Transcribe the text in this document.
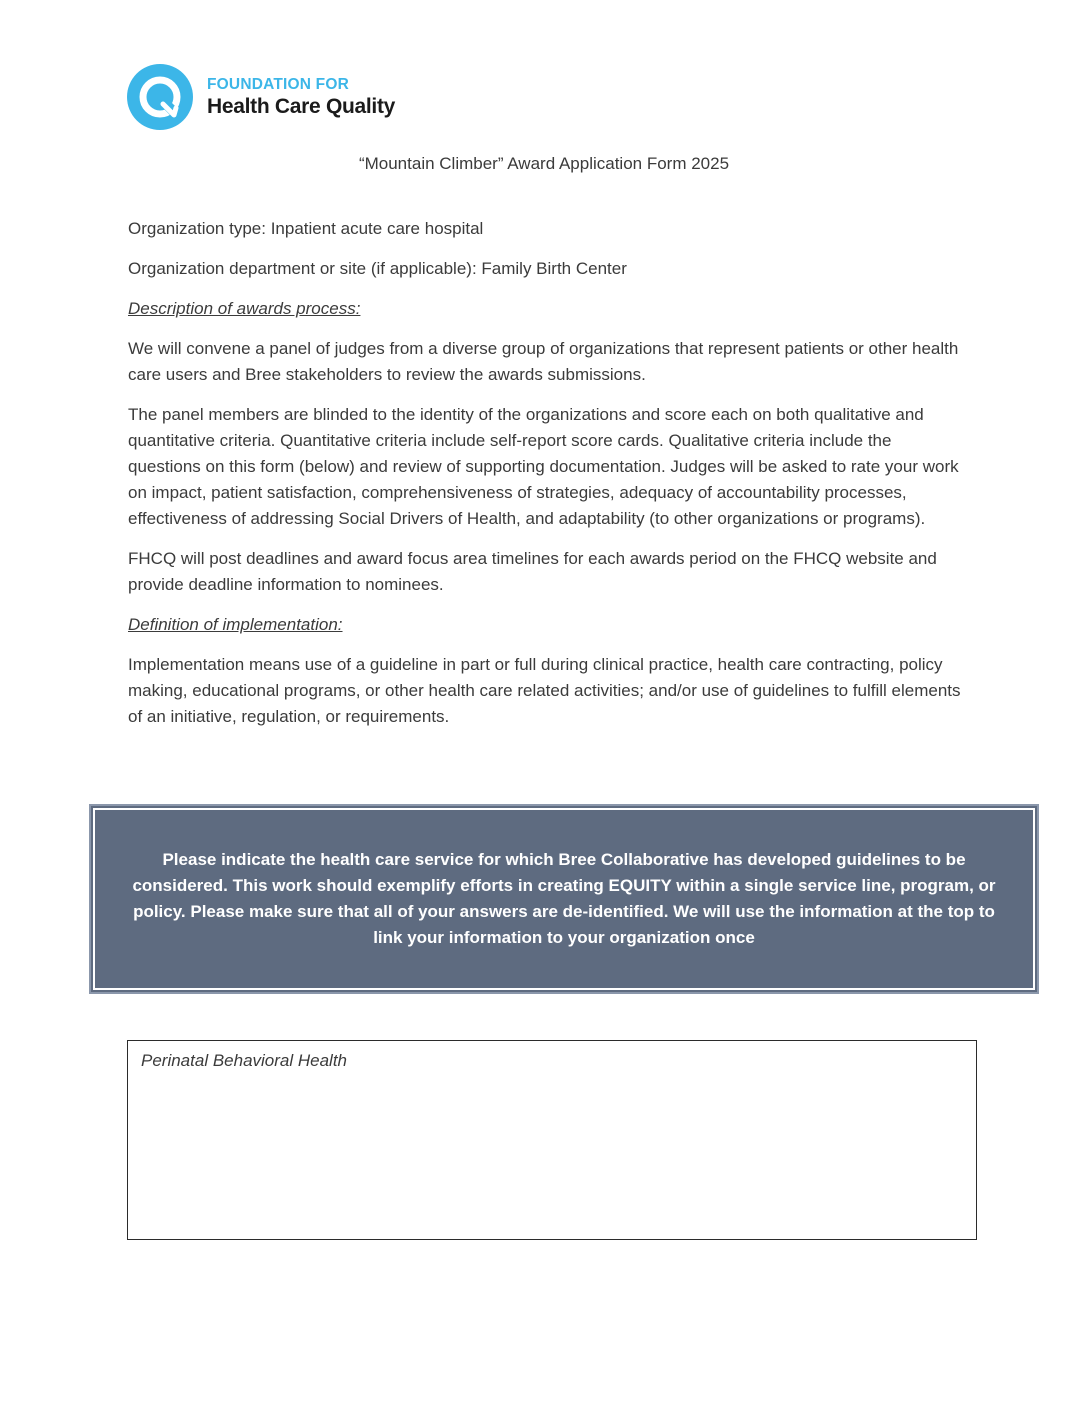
FOUNDATION FOR
Health Care Quality
“Mountain Climber” Award Application Form 2025

Organization type: Inpatient acute care hospital

Organization department or site (if applicable): Family Birth Center

Description of awards process:

We will convene a panel of judges from a diverse group of organizations that represent patients or other health care users and Bree stakeholders to review the awards submissions.

The panel members are blinded to the identity of the organizations and score each on both qualitative and quantitative criteria. Quantitative criteria include self-report score cards. Qualitative criteria include the questions on this form (below) and review of supporting documentation. Judges will be asked to rate your work on impact, patient satisfaction, comprehensiveness of strategies, adequacy of accountability processes, effectiveness of addressing Social Drivers of Health, and adaptability (to other organizations or programs).

FHCQ will post deadlines and award focus area timelines for each awards period on the FHCQ website and provide deadline information to nominees.

Definition of implementation:

Implementation means use of a guideline in part or full during clinical practice, health care contracting, policy making, educational programs, or other health care related activities; and/or use of guidelines to fulfill elements of an initiative, regulation, or requirements.

Please indicate the health care service for which Bree Collaborative has developed guidelines to be considered. This work should exemplify efforts in creating EQUITY within a single service line, program, or policy. Please make sure that all of your answers are de-identified. We will use the information at the top to link your information to your organization once
Perinatal Behavioral Health
